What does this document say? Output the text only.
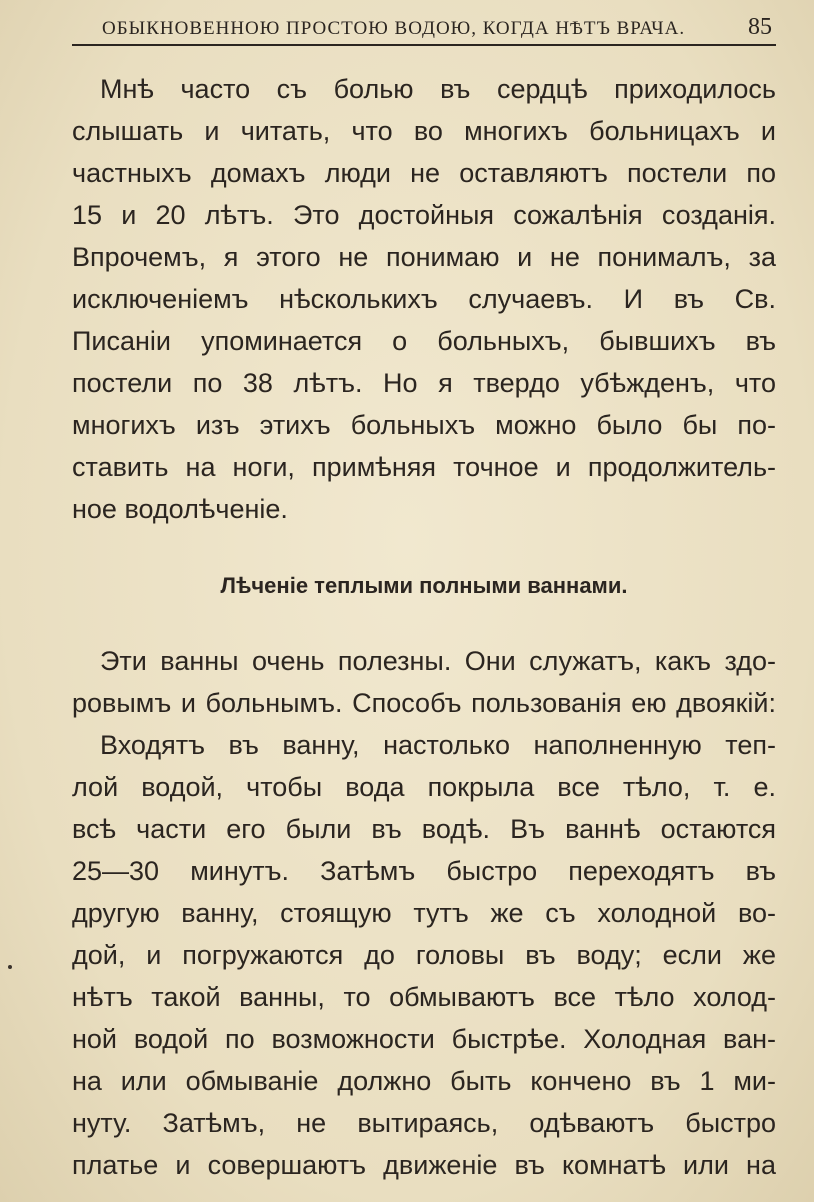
ОБЫКНОВЕННОЮ ПРОСТОЮ ВОДОЮ, КОГДА НѢТЪ ВРАЧА.	85
Мнѣ часто съ болью въ сердцѣ приходилось
слышать и читать, что во многихъ больницахъ и
частныхъ домахъ люди не оставляютъ постели по
15 и 20 лѣтъ. Это достойныя сожалѣнія созданія.
Впрочемъ, я этого не понимаю и не понималъ, за
исключеніемъ нѣсколькихъ случаевъ. И въ Св.
Писаніи упоминается о больныхъ, бывшихъ въ
постели по 38 лѣтъ. Но я твердо убѣжденъ, что
многихъ изъ этихъ больныхъ можно было бы по-
ставить на ноги, примѣняя точное и продолжитель-
ное водолѣченіе.
Лѣченіе теплыми полными ваннами.
Эти ванны очень полезны. Они служатъ, какъ здо-
ровымъ и больнымъ. Способъ пользованія ею двоякій:
Входятъ въ ванну, настолько наполненную теп-
лой водой, чтобы вода покрыла все тѣло, т. е.
всѣ части его были въ водѣ. Въ ваннѣ остаются
25—30 минутъ. Затѣмъ быстро переходятъ въ
другую ванну, стоящую тутъ же съ холодной во-
дой, и погружаются до головы въ воду; если же
нѣтъ такой ванны, то обмываютъ все тѣло холод-
ной водой по возможности быстрѣе. Холодная ван-
на или обмываніе должно быть кончено въ 1 ми-
нуту. Затѣмъ, не вытираясь, одѣваютъ быстро
платье и совершаютъ движеніе въ комнатѣ или на
